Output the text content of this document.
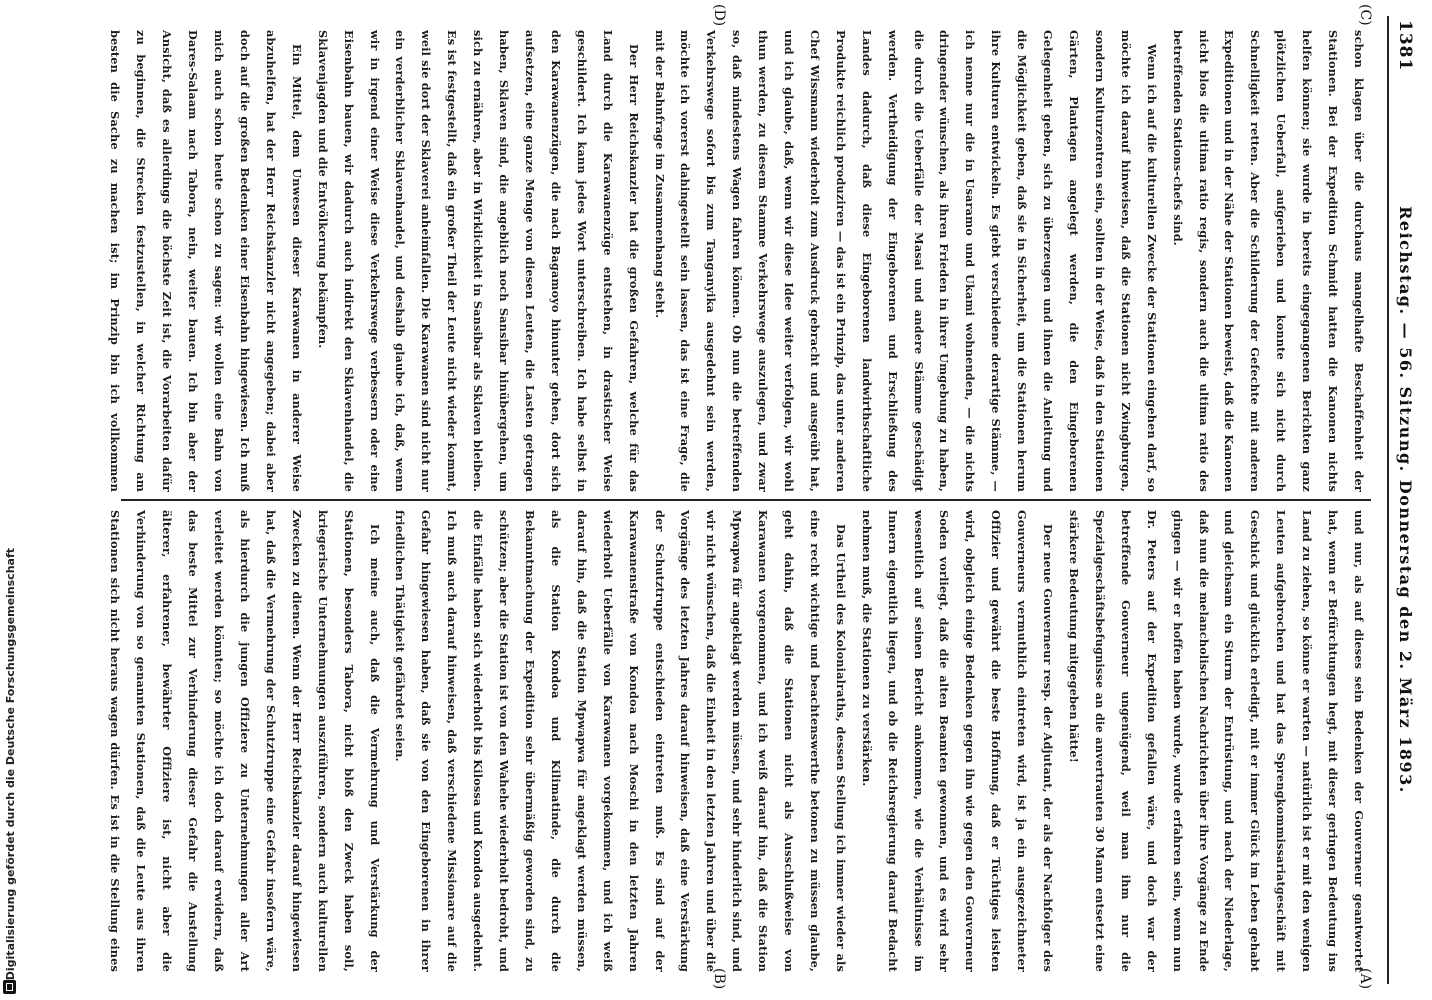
1381
Reichstag. — 56. Sitzung. Donnerstag den 2. März 1893.
(C)
(D)
(A)
(B)

schon klagen über die durchaus mangelhafte Beschaffenheit der Stationen. Bei der Expedition Schmidt hatten die Kanonen nichts helfen können; sie wurde in bereits eingegangenen Berichten ganz plötzlichen Ueberfall, aufgerieben und konnte sich nicht durch Schnelligkeit retten. Aber die Schilderung der Gefechte mit anderen Expeditionen und in der Nähe der Stationen beweist, daß die Kanonen nicht blos die ultima ratio regis, sondern auch die ultima ratio des betreffenden Stations-chefs sind.

Wenn ich auf die kulturellen Zwecke der Stationen eingehen darf, so möchte ich darauf hinweisen, daß die Stationen nicht Zwingburgen, sondern Kulturzentren sein, sollten in der Weise, daß in den Stationen Gärten, Plantagen angelegt werden, die den Eingeborenen Gelegenheit geben, sich zu überzeugen und ihnen die Anleitung und die Möglichkeit geben, daß sie in Sicherheit, um die Stationen herum ihre Kulturen entwickeln. Es giebt verschiedene derartige Stämme, — ich nenne nur die in Usaramo und Ukami wohnenden, — die nichts dringender wünschen, als ihren Frieden in ihrer Umgebung zu haben, die durch die Ueberfälle der Masai und andere Stämme geschädigt werden. Vertheidigung der Eingeborenen und Erschließung des Landes dadurch, daß diese Eingeborenen landwirthschaftliche Produkte reichlich produziren — das ist ein Prinzip, das unter anderen Chef Wissmann wiederholt zum Ausdruck gebracht und ausgeübt hat, und ich glaube, daß, wenn wir diese Idee weiter verfolgen, wir wohl thun werden, zu diesem Stamme Verkehrswege auszulegen, und zwar so, daß mindestens Wagen fahren können. Ob nun die betreffenden Verkehrswege sofort bis zum Tanganyika ausgedehnt sein werden, möchte ich vorerst dahingestellt sein lassen, das ist eine Frage, die mit der Bahnfrage im Zusammenhang steht.

Der Herr Reichskanzler hat die großen Gefahren, welche für das Land durch die Karawanenzüge entstehen, in drastischer Weise geschildert. Ich kann jedes Wort unterschreiben. Ich habe selbst in den Karawanenzügen, die nach Bagamoyo hinunter gehen, dort sich aufsetzen, eine ganze Menge von diesen Leuten, die Lasten getragen haben, Sklaven sind, die angeblich noch Sansibar hinübergehen, um sich zu ernähren, aber in Wirklichkeit in Sansibar als Sklaven bleiben. Es ist festgestellt, daß ein großer Theil der Leute nicht wieder kommt, weil sie dort der Sklaverei anheimfallen. Die Karawanen sind nicht nur ein verderblicher Sklavenhandel, und deshalb glaube ich, daß, wenn wir in irgend einer Weise diese Verkehrswege verbessern oder eine Eisenbahn bauen, wir dadurch auch indirekt den Sklavenhandel, die Sklavenjagden und die Entvölkerung bekämpfen.

Ein Mittel, dem Unwesen dieser Karawanen in anderer Weise abzuhelfen, hat der Herr Reichskanzler nicht angegeben; dabei aber doch auf die großen Bedenken einer Eisenbahn hingewiesen. Ich muß mich auch schon heute schon zu sagen: wir wollen eine Bahn von Dares-Salaam nach Tabora, nein, weiter bauen. Ich bin aber der Ansicht, daß es allerdings die höchste Zeit ist, die Vorarbeiten dafür zu beginnen, die Strecken festzustellen, in welcher Richtung am besten die Sache zu machen ist; im Prinzip bin ich vollkommen

und nur, als auf dieses sein Bedenken der Gouverneur geantwortet hat, wenn er Befürchtungen hegt, mit dieser geringen Bedeutung ins Land zu ziehen, so könne er warten — natürlich ist er mit den wenigen Leuten aufgebrochen und hat das Sprengkommissariatgeschäft mit Geschick und glücklich erledigt, mit er immer Glück im Leben gehabt und gleichsam ein Sturm der Entrüstung, und nach der Niederlage, daß nun die melancholischen Nachrichten über ihre Vorgänge zu Ende gingen — wir er hoffen haben wurde, wurde erfahren sein, wenn nun Dr. Peters auf der Expedition gefallen wäre, und doch war der betreffende Gouverneur ungenügend, weil man ihm nur die Spezialgeschäftsbefugnisse an die anvertrauten 30 Mann entsetzt eine stärkere Bedeutung mitgegeben hätte!

Der neue Gouverneur resp. der Adjutant, der als der Nachfolger des Gouverneurs vermuthlich eintreten wird, ist ja ein ausgezeichneter Offizier und gewährt die beste Hoffnung, daß er Tüchtiges leisten wird, obgleich einige Bedenken gegen ihn wie gegen den Gouverneur Soden vorliegt, daß die alten Beamten gewonnen, und es wird sehr wesentlich auf seinen Bericht ankommen, wie die Verhältnisse im Innern eigentlich liegen, und ob die Reichsregierung darauf Bedacht nehmen muß, die Stationen zu verstärken.

Das Urtheil des Kolonialraths, dessen Stellung ich immer wieder als eine recht wichtige und beachtenswerthe betonen zu müssen glaube, geht dahin, daß die Stationen nicht als Ausschlußweise von Karawanen vorgenommen, und ich weiß darauf hin, daß die Station Mpwapwa für angeklagt werden müssen, und sehr hinderlich sind, und wir nicht wünschen, daß die Einheit in den letzten Jahren und über die Vorgänge des letzten Jahres darauf hinweisen, daß eine Verstärkung der Schutztruppe entschieden eintreten muß. Es sind auf der Karawanenstraße von Kondoa nach Moschi in den letzten Jahren wiederholt Ueberfälle von Karawanen vorgekommen, und ich weiß darauf hin, daß die Station Mpwapwa für angeklagt werden müssen, als die Station Kondoa und Kilimatinde, die durch die Bekanntmachung der Expedition sehr übermäßig geworden sind, zu schützen; aber die Station ist von den Wahehe wiederholt bedroht, und die Einfälle haben sich wiederholt bis Kilossa und Kondoa ausgedehnt. Ich muß auch darauf hinweisen, daß verschiedene Missionare auf die Gefahr hingewiesen haben, daß sie von den Eingeborenen in ihrer friedlichen Thätigkeit gefährdet seien.

Ich meine auch, daß die Vermehrung und Verstärkung der Stationen, besonders Tabora, nicht bloß den Zweck haben soll, kriegerische Unternehmungen auszuführen, sondern auch kulturellen Zwecken zu dienen. Wenn der Herr Reichskanzler darauf hingewiesen hat, daß die Vermehrung der Schutztruppe eine Gefahr insofern wäre, als hierdurch die jungen Offiziere zu Unternehmungen aller Art verleitet werden könnten; so möchte ich doch darauf erwidern, daß das beste Mittel zur Verhinderung dieser Gefahr die Anstellung älterer, erfahrener, bewährter Offiziere ist, nicht aber die Verhinderung von so genannten Stationen, daß die Leute aus ihren Stationen sich nicht heraus wagen dürfen. Es ist in die Stellung eines

Digitalisierung gefördet durch die Deutsche Forschungsgemeinschaft
